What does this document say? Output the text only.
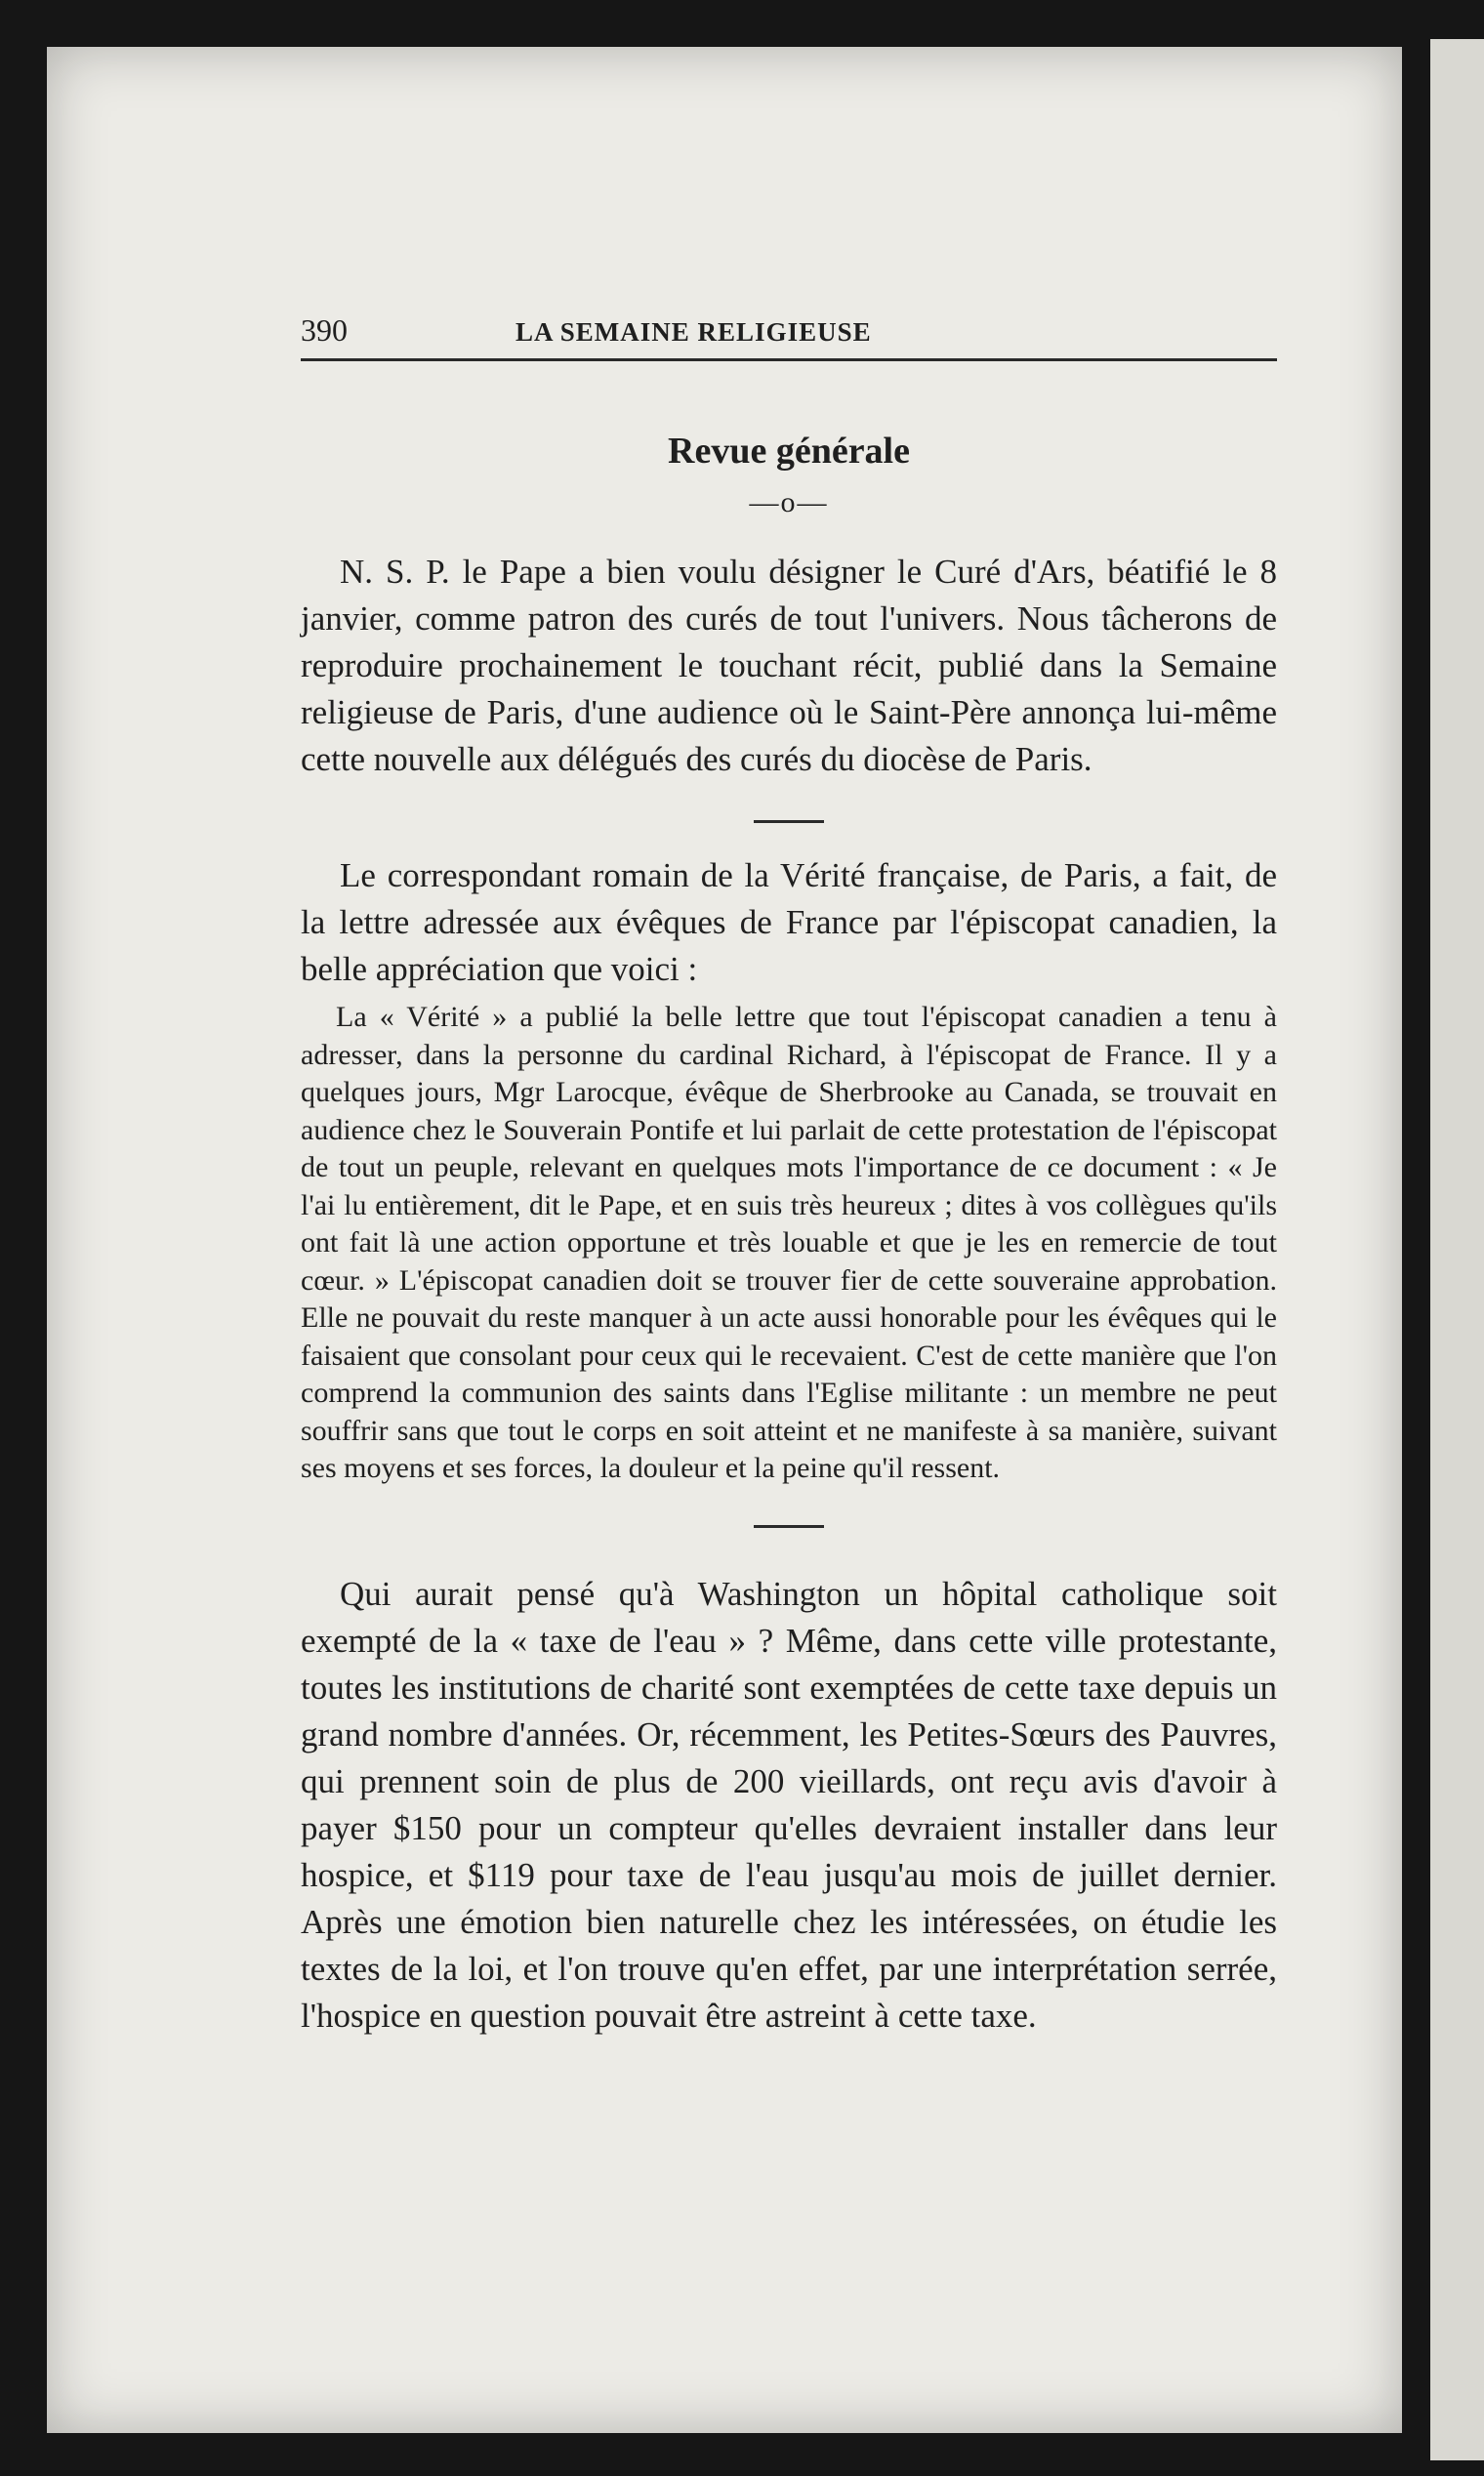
390	LA SEMAINE RELIGIEUSE
Revue générale
—o—

N. S. P. le Pape a bien voulu désigner le Curé d'Ars, béatifié le 8 janvier, comme patron des curés de tout l'univers. Nous tâcherons de reproduire prochainement le touchant récit, publié dans la Semaine religieuse de Paris, d'une audience où le Saint-Père annonça lui-même cette nouvelle aux délégués des curés du diocèse de Paris.

Le correspondant romain de la Vérité française, de Paris, a fait, de la lettre adressée aux évêques de France par l'épiscopat canadien, la belle appréciation que voici :

La « Vérité » a publié la belle lettre que tout l'épiscopat canadien a tenu à adresser, dans la personne du cardinal Richard, à l'épiscopat de France. Il y a quelques jours, Mgr Larocque, évêque de Sherbrooke au Canada, se trouvait en audience chez le Souverain Pontife et lui parlait de cette protestation de l'épiscopat de tout un peuple, relevant en quelques mots l'importance de ce document : « Je l'ai lu entièrement, dit le Pape, et en suis très heureux ; dites à vos collègues qu'ils ont fait là une action opportune et très louable et que je les en remercie de tout cœur. » L'épiscopat canadien doit se trouver fier de cette souveraine approbation. Elle ne pouvait du reste manquer à un acte aussi honorable pour les évêques qui le faisaient que consolant pour ceux qui le recevaient. C'est de cette manière que l'on comprend la communion des saints dans l'Eglise militante : un membre ne peut souffrir sans que tout le corps en soit atteint et ne manifeste à sa manière, suivant ses moyens et ses forces, la douleur et la peine qu'il ressent.

Qui aurait pensé qu'à Washington un hôpital catholique soit exempté de la « taxe de l'eau » ? Même, dans cette ville protestante, toutes les institutions de charité sont exemptées de cette taxe depuis un grand nombre d'années. Or, récemment, les Petites-Sœurs des Pauvres, qui prennent soin de plus de 200 vieillards, ont reçu avis d'avoir à payer $150 pour un compteur qu'elles devraient installer dans leur hospice, et $119 pour taxe de l'eau jusqu'au mois de juillet dernier. Après une émotion bien naturelle chez les intéressées, on étudie les textes de la loi, et l'on trouve qu'en effet, par une interprétation serrée, l'hospice en question pouvait être astreint à cette taxe.
